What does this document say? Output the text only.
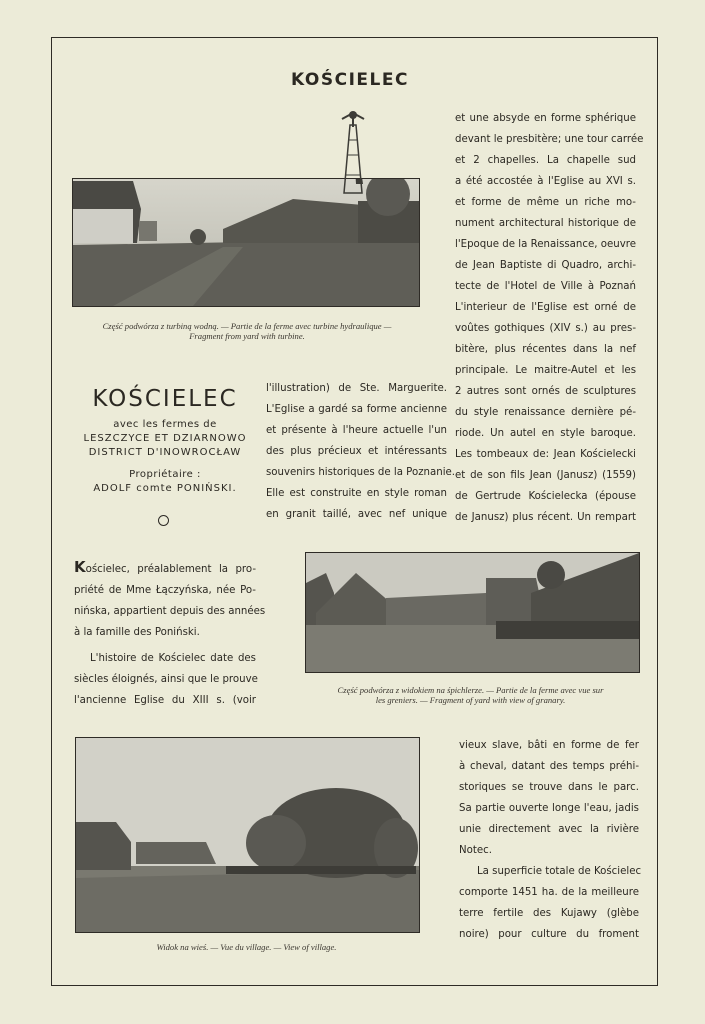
KOŚCIELEC
Część podwórza z turbiną wodną. — Partie de la ferme avec turbine hydraulique —
Fragment from yard with turbine.
et une absyde en forme sphérique
devant le presbitère; une tour carrée
et 2 chapelles. La chapelle sud
a été accostée à l'Eglise au XVI s.
et forme de même un riche mo-
nument architectural historique de
l'Epoque de la Renaissance, oeuvre
de Jean Baptiste di Quadro, archi-
tecte de l'Hotel de Ville à Poznań
L'interieur de l'Eglise est orné de
voûtes gothiques (XIV s.) au pres-
bitère, plus récentes dans la nef
principale. Le maitre-Autel et les
2 autres sont ornés de sculptures
du style renaissance dernière pé-
riode. Un autel en style baroque.
Les tombeaux de: Jean Kościelecki
et de son fils Jean (Janusz) (1559)
de Gertrude Kościelecka (épouse
de Janusz) plus récent. Un rempart
KOŚCIELEC
avec les fermes de
LESZCZYCE ET DZIARNOWO
DISTRICT D'INOWROCŁAW
Propriétaire :
ADOLF comte PONIŃSKI.
l'illustration) de Ste. Marguerite.
L'Eglise a gardé sa forme ancienne
et présente à l'heure actuelle l'un
des plus précieux et intéressants
souvenirs historiques de la Poznanie.
Elle est construite en style roman
en granit taillé, avec nef unique
Kościelec, préalablement la pro-
priété de Mme Łączyńska, née Po-
nińska, appartient depuis des années
à la famille des Poniński.
L'histoire de Kościelec date des
siècles éloignés, ainsi que le prouve
l'ancienne Eglise du XIII s. (voir
Część podwórza z widokiem na śpichlerze. — Partie de la ferme avec vue sur
les greniers. — Fragment of yard with view of granary.
Widok na wieś. — Vue du village. — View of village.
vieux slave, bâti en forme de fer
à cheval, datant des temps préhi-
storiques se trouve dans le parc.
Sa partie ouverte longe l'eau, jadis
unie directement avec la rivière
Notec.
La superficie totale de Kościelec
comporte 1451 ha. de la meilleure
terre fertile des Kujawy (glèbe
noire) pour culture du froment
